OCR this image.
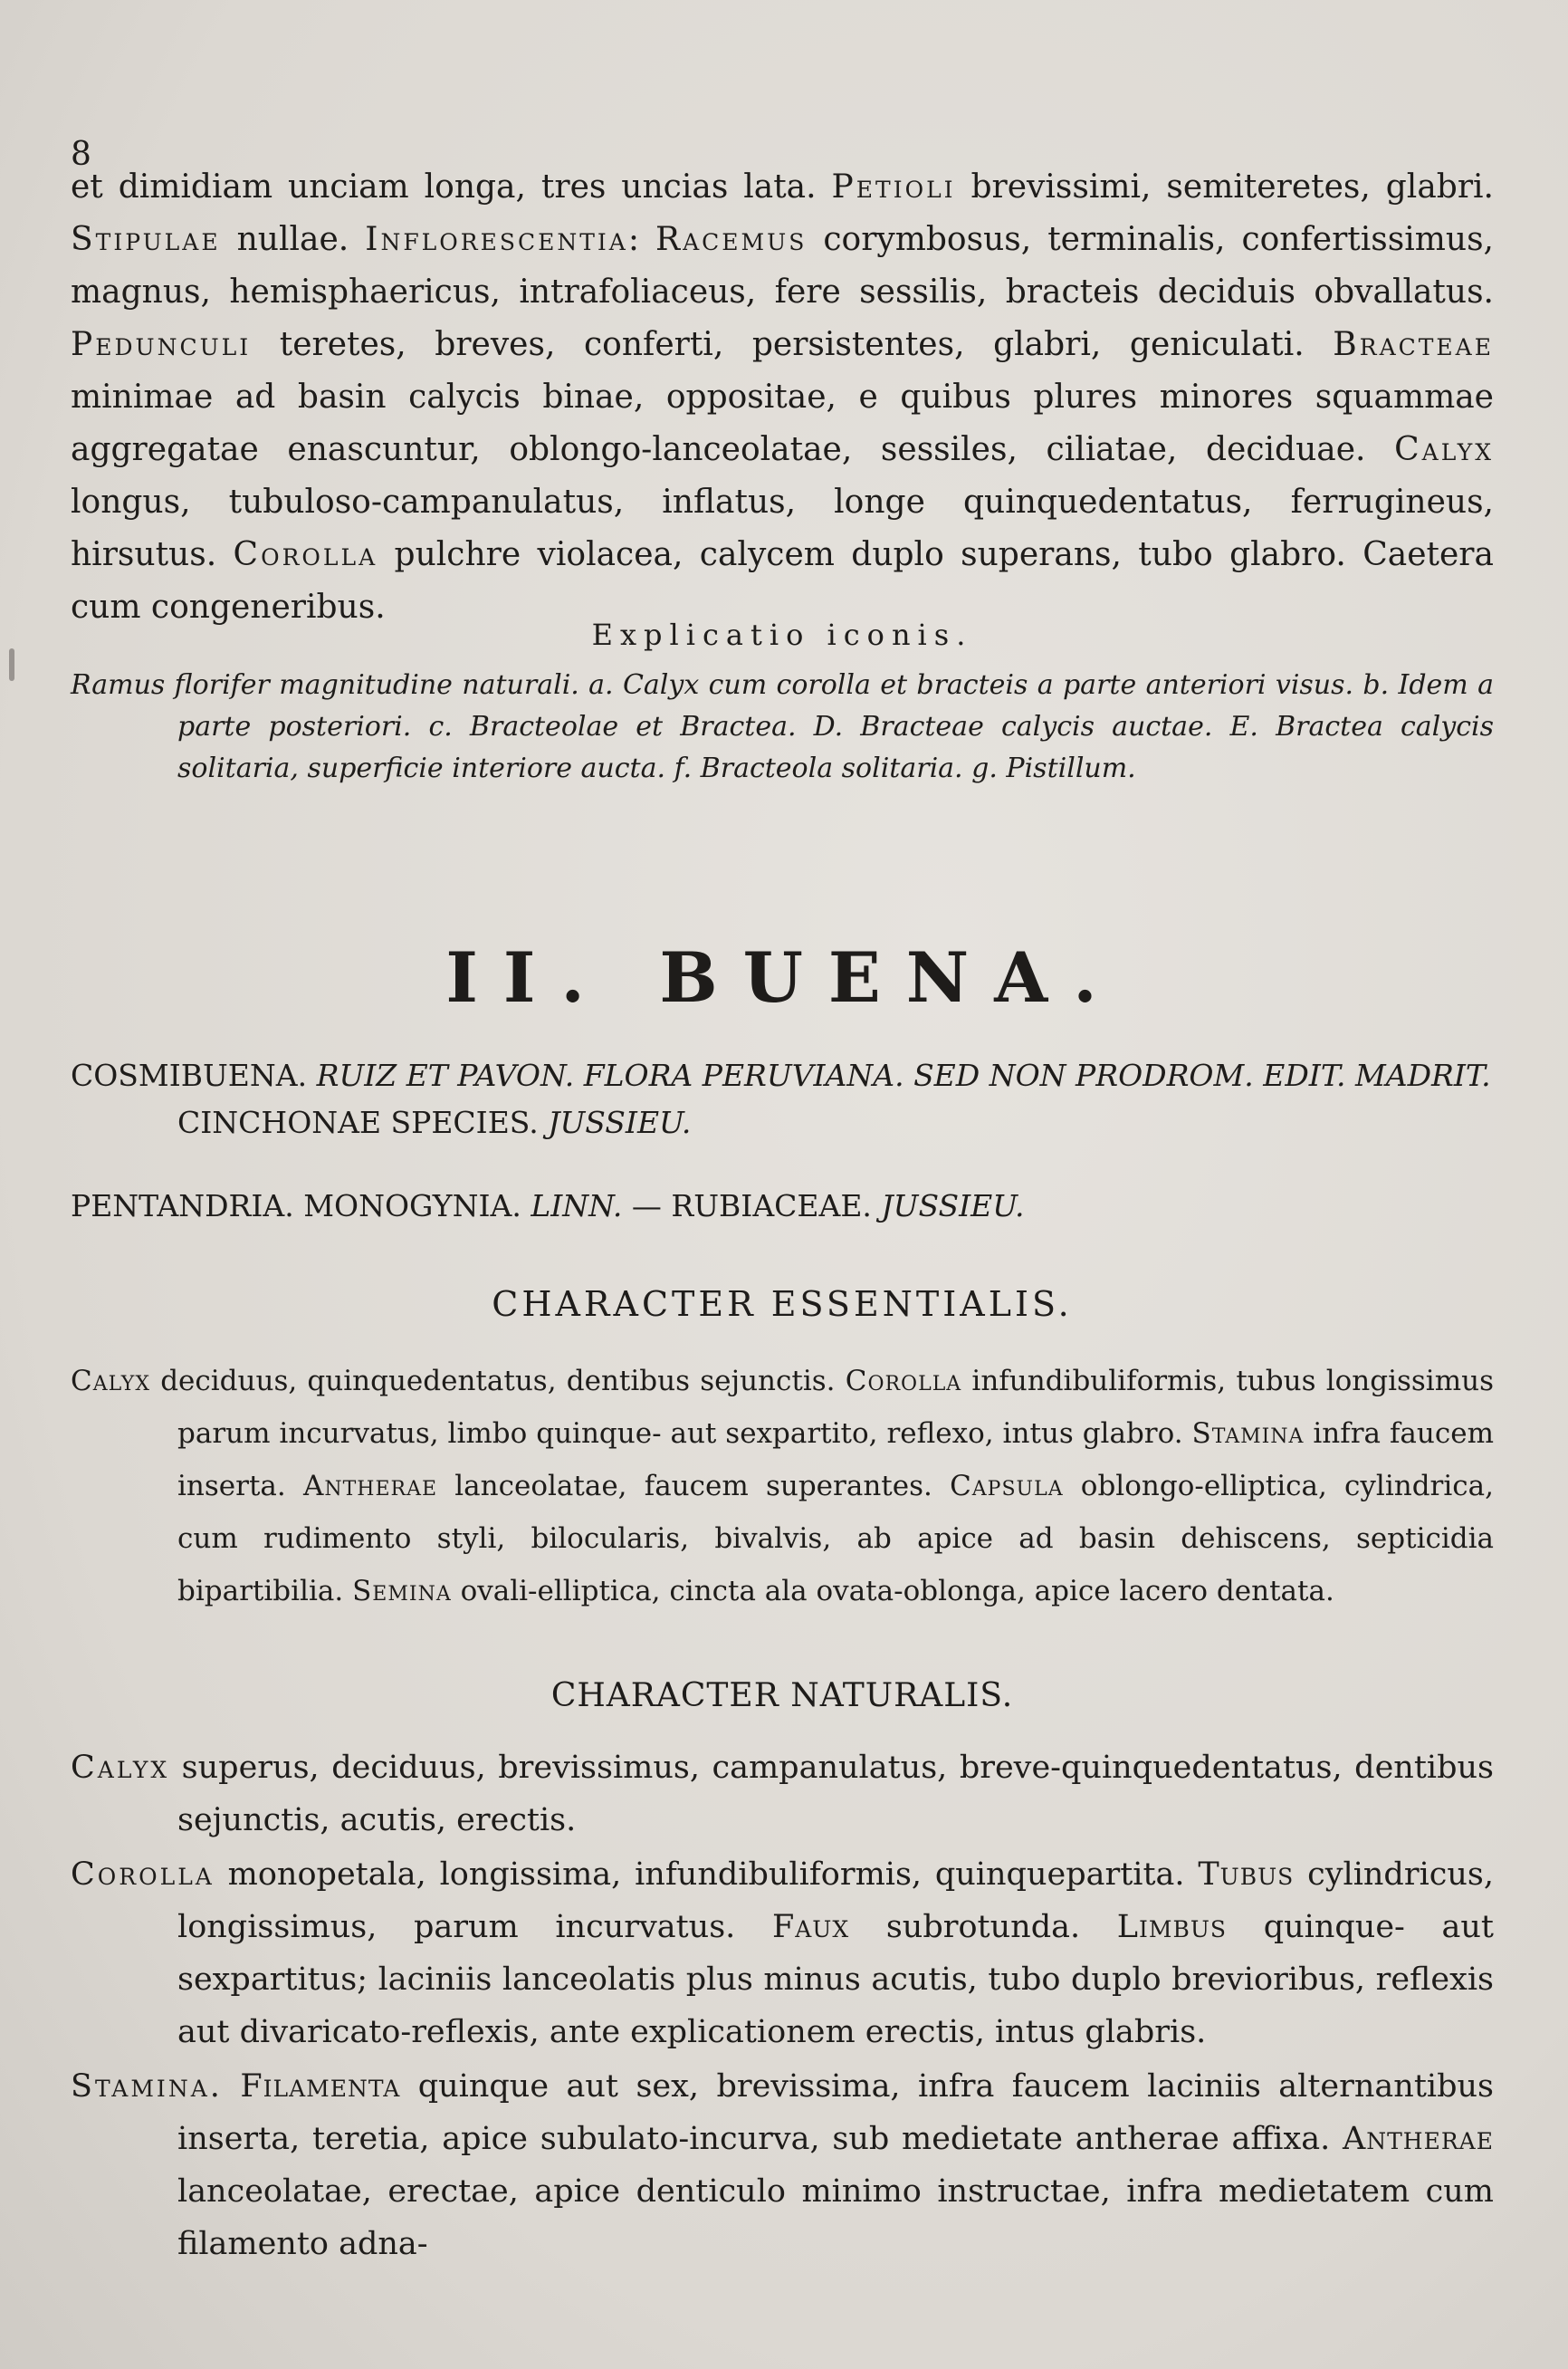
8

et dimidiam unciam longa, tres uncias lata. Petioli brevissimi, semiteretes, glabri. Stipulae nullae. Inflorescentia: Racemus corymbosus, terminalis, confertissimus, magnus, hemisphaericus, intrafoliaceus, fere sessilis, bracteis deciduis obvallatus. Pedunculi teretes, breves, conferti, persistentes, glabri, geniculati. Bracteae minimae ad basin calycis binae, oppositae, e quibus plures minores squammae aggregatae enascuntur, oblongo-lanceolatae, sessiles, ciliatae, deciduae. Calyx longus, tubuloso-campanulatus, inflatus, longe quinquedentatus, ferrugineus, hirsutus. Corolla pulchre violacea, calycem duplo superans, tubo glabro. Caetera cum congeneribus.

Explicatio iconis.

Ramus florifer magnitudine naturali. a. Calyx cum corolla et bracteis a parte anteriori visus. b. Idem a parte posteriori. c. Bracteolae et Bractea. D. Bracteae calycis auctae. E. Bractea calycis solitaria, superficie interiore aucta. f. Bracteola solitaria. g. Pistillum.

II. BUENA.
COSMIBUENA. RUIZ ET PAVON. FLORA PERUVIANA. SED NON PRODROM. EDIT. MADRIT.
CINCHONAE SPECIES. JUSSIEU.
PENTANDRIA. MONOGYNIA. LINN. — RUBIACEAE. JUSSIEU.
CHARACTER ESSENTIALIS.

Calyx deciduus, quinquedentatus, dentibus sejunctis. Corolla infundibuliformis, tubus longissimus parum incurvatus, limbo quinque- aut sexpartito, reflexo, intus glabro. Stamina infra faucem inserta. Antherae lanceolatae, faucem superantes. Capsula oblongo-elliptica, cylindrica, cum rudimento styli, bilocularis, bivalvis, ab apice ad basin dehiscens, septicidia bipartibilia. Semina ovali-elliptica, cincta ala ovata-oblonga, apice lacero dentata.

CHARACTER NATURALIS.

Calyx superus, deciduus, brevissimus, campanulatus, breve-quinquedentatus, dentibus sejunctis, acutis, erectis.

Corolla monopetala, longissima, infundibuliformis, quinquepartita. Tubus cylindricus, longissimus, parum incurvatus. Faux subrotunda. Limbus quinque- aut sexpartitus; laciniis lanceolatis plus minus acutis, tubo duplo brevioribus, reflexis aut divaricato-reflexis, ante explicationem erectis, intus glabris.

Stamina. Filamenta quinque aut sex, brevissima, infra faucem laciniis alternantibus inserta, teretia, apice subulato-incurva, sub medietate antherae affixa. Antherae lanceolatae, erectae, apice denticulo minimo instructae, infra medietatem cum filamento adna-
